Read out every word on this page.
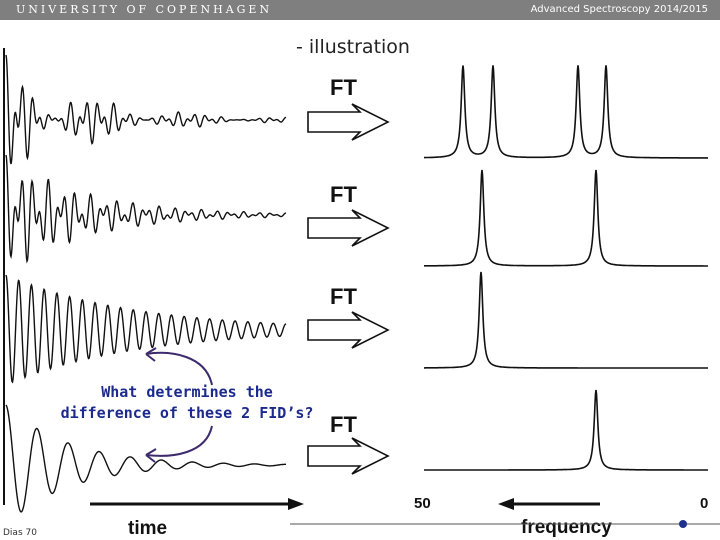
UNIVERSITY OF COPENHAGEN	Advanced Spectroscopy 2014/2015
- illustration
FT
FT
FT
FT
time
50	0
frequency
What determines the difference of these 2 FID’s?
Dias 70
